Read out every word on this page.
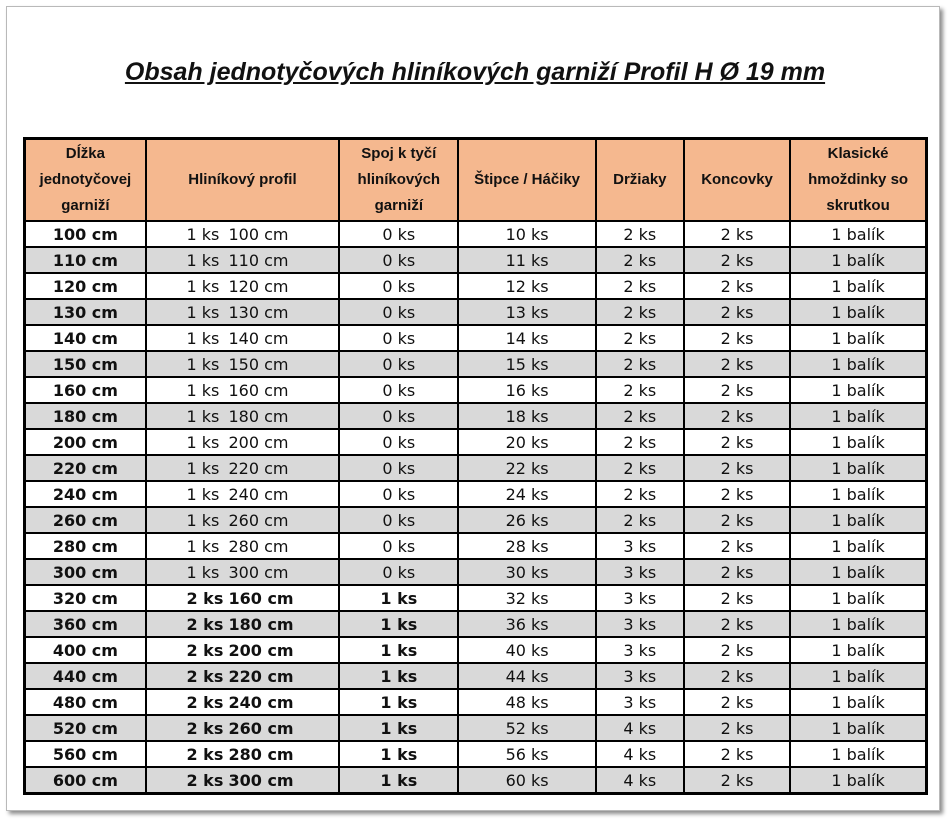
Obsah jednotyčových hliníkových garniží Profil H Ø 19 mm
Dĺžka jednotyčovej garniží	Hliníkový profil	Spoj k tyčí hliníkových garniží	Štipce / Háčiky	Držiaky	Koncovky	Klasické hmoždinky so skrutkou
100 cm	1 ks 100 cm	0 ks	10 ks	2 ks	2 ks	1 balík
110 cm	1 ks 110 cm	0 ks	11 ks	2 ks	2 ks	1 balík
120 cm	1 ks 120 cm	0 ks	12 ks	2 ks	2 ks	1 balík
130 cm	1 ks 130 cm	0 ks	13 ks	2 ks	2 ks	1 balík
140 cm	1 ks 140 cm	0 ks	14 ks	2 ks	2 ks	1 balík
150 cm	1 ks 150 cm	0 ks	15 ks	2 ks	2 ks	1 balík
160 cm	1 ks 160 cm	0 ks	16 ks	2 ks	2 ks	1 balík
180 cm	1 ks 180 cm	0 ks	18 ks	2 ks	2 ks	1 balík
200 cm	1 ks 200 cm	0 ks	20 ks	2 ks	2 ks	1 balík
220 cm	1 ks 220 cm	0 ks	22 ks	2 ks	2 ks	1 balík
240 cm	1 ks 240 cm	0 ks	24 ks	2 ks	2 ks	1 balík
260 cm	1 ks 260 cm	0 ks	26 ks	2 ks	2 ks	1 balík
280 cm	1 ks 280 cm	0 ks	28 ks	3 ks	2 ks	1 balík
300 cm	1 ks 300 cm	0 ks	30 ks	3 ks	2 ks	1 balík
320 cm	2 ks 160 cm	1 ks	32 ks	3 ks	2 ks	1 balík
360 cm	2 ks 180 cm	1 ks	36 ks	3 ks	2 ks	1 balík
400 cm	2 ks 200 cm	1 ks	40 ks	3 ks	2 ks	1 balík
440 cm	2 ks 220 cm	1 ks	44 ks	3 ks	2 ks	1 balík
480 cm	2 ks 240 cm	1 ks	48 ks	3 ks	2 ks	1 balík
520 cm	2 ks 260 cm	1 ks	52 ks	4 ks	2 ks	1 balík
560 cm	2 ks 280 cm	1 ks	56 ks	4 ks	2 ks	1 balík
600 cm	2 ks 300 cm	1 ks	60 ks	4 ks	2 ks	1 balík
